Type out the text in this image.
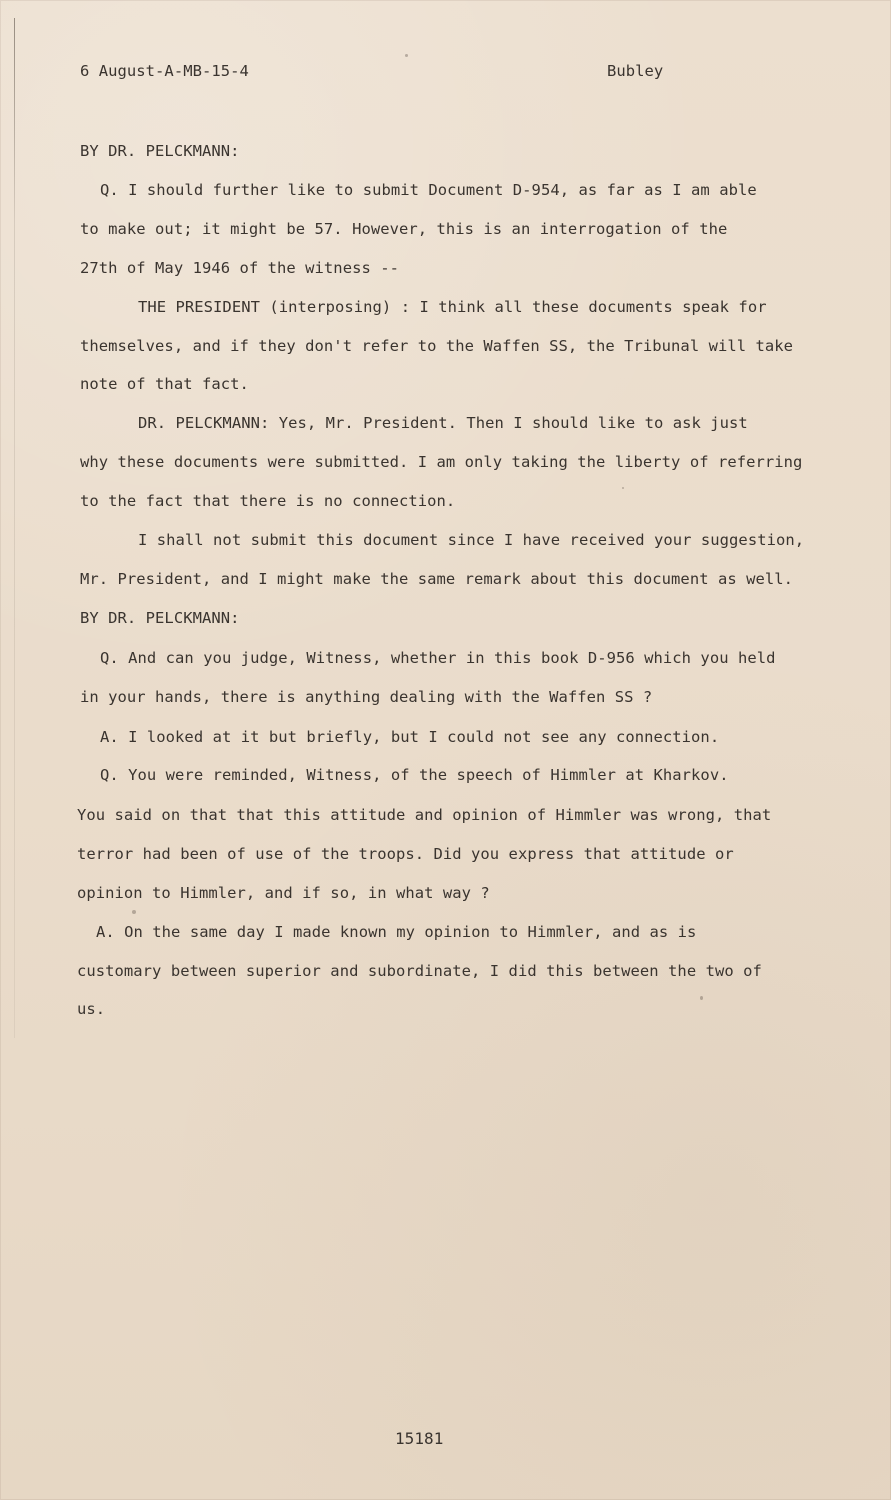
6 August-A-MB-15-4	Bubley
BY DR. PELCKMANN:
Q. I should further like to submit Document D-954, as far as I am able
to make out; it might be 57. However, this is an interrogation of the
27th of May 1946 of the witness --
THE PRESIDENT (interposing) : I think all these documents speak for
themselves, and if they don't refer to the Waffen SS, the Tribunal will take
note of that fact.
DR. PELCKMANN: Yes, Mr. President. Then I should like to ask just
why these documents were submitted. I am only taking the liberty of referring
to the fact that there is no connection.
I shall not submit this document since I have received your suggestion,
Mr. President, and I might make the same remark about this document as well.
BY DR. PELCKMANN:
Q. And can you judge, Witness, whether in this book D-956 which you held
in your hands, there is anything dealing with the Waffen SS ?
A. I looked at it but briefly, but I could not see any connection.
Q. You were reminded, Witness, of the speech of Himmler at Kharkov.
You said on that that this attitude and opinion of Himmler was wrong, that
terror had been of use of the troops. Did you express that attitude or
opinion to Himmler, and if so, in what way ?
A. On the same day I made known my opinion to Himmler, and as is
customary between superior and subordinate, I did this between the two of
us.
15181
